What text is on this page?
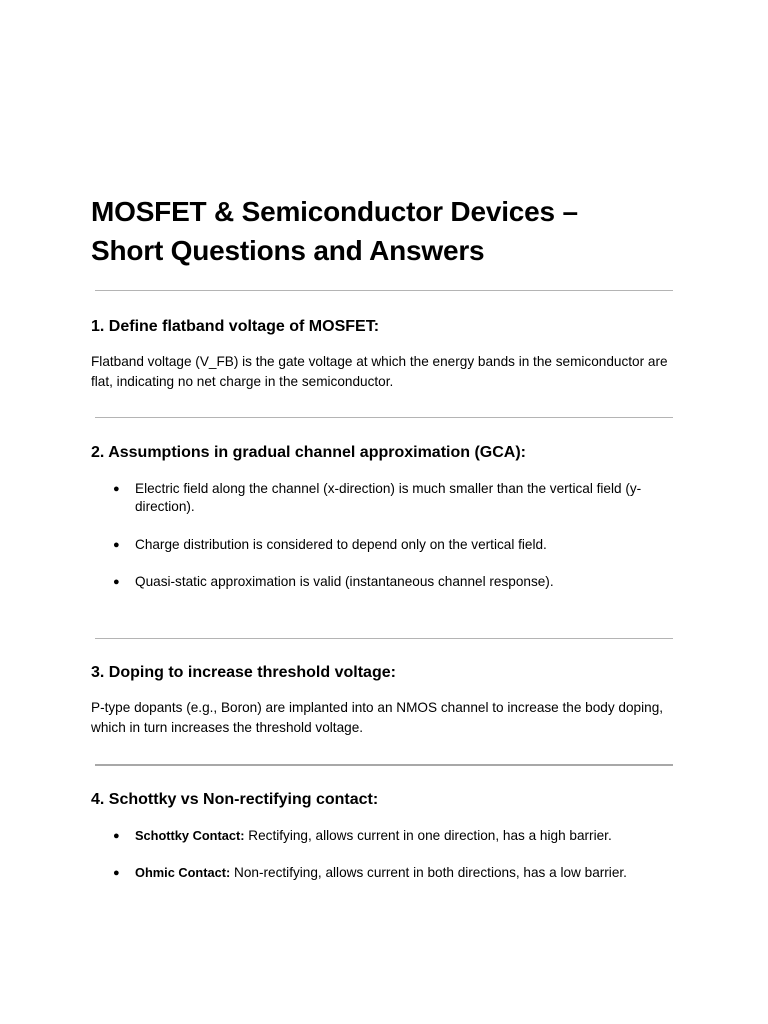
MOSFET & Semiconductor Devices –
Short Questions and Answers
1. Define flatband voltage of MOSFET:

Flatband voltage (V_FB) is the gate voltage at which the energy bands in the semiconductor are flat, indicating no net charge in the semiconductor.

2. Assumptions in gradual channel approximation (GCA):
● Electric field along the channel (x-direction) is much smaller than the vertical field (y-direction).
● Charge distribution is considered to depend only on the vertical field.
● Quasi-static approximation is valid (instantaneous channel response).
3. Doping to increase threshold voltage:

P-type dopants (e.g., Boron) are implanted into an NMOS channel to increase the body doping, which in turn increases the threshold voltage.

4. Schottky vs Non-rectifying contact:
● Schottky Contact: Rectifying, allows current in one direction, has a high barrier.
● Ohmic Contact: Non-rectifying, allows current in both directions, has a low barrier.
